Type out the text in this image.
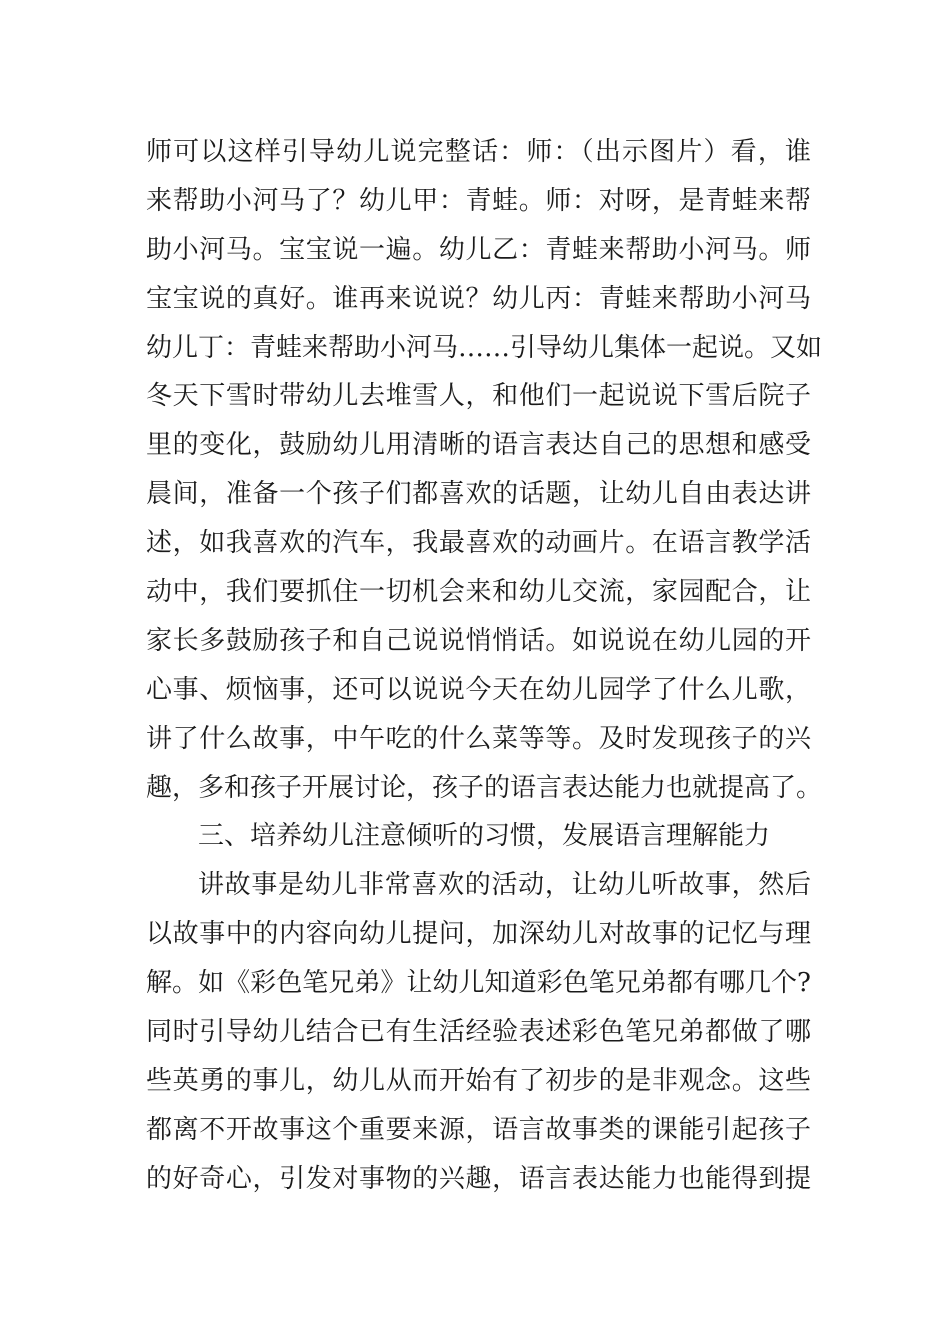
师可以这样引导幼儿说完整话：师：（出示图片）看，谁
来帮助小河马了？幼儿甲：青蛙。师：对呀，是青蛙来帮
助小河马。宝宝说一遍。幼儿乙：青蛙来帮助小河马。师
宝宝说的真好。谁再来说说？幼儿丙：青蛙来帮助小河马
幼儿丁：青蛙来帮助小河马……引导幼儿集体一起说。又如
冬天下雪时带幼儿去堆雪人，和他们一起说说下雪后院子
里的变化，鼓励幼儿用清晰的语言表达自己的思想和感受
晨间，准备一个孩子们都喜欢的话题，让幼儿自由表达讲
述，如我喜欢的汽车，我最喜欢的动画片。在语言教学活
动中，我们要抓住一切机会来和幼儿交流，家园配合，让
家长多鼓励孩子和自己说说悄悄话。如说说在幼儿园的开
心事、烦恼事，还可以说说今天在幼儿园学了什么儿歌，
讲了什么故事，中午吃的什么菜等等。及时发现孩子的兴
趣，多和孩子开展讨论，孩子的语言表达能力也就提高了。
三、培养幼儿注意倾听的习惯，发展语言理解能力
讲故事是幼儿非常喜欢的活动，让幼儿听故事，然后
以故事中的内容向幼儿提问，加深幼儿对故事的记忆与理
解。如《彩色笔兄弟》让幼儿知道彩色笔兄弟都有哪几个?
同时引导幼儿结合已有生活经验表述彩色笔兄弟都做了哪
些英勇的事儿，幼儿从而开始有了初步的是非观念。这些
都离不开故事这个重要来源，语言故事类的课能引起孩子
的好奇心，引发对事物的兴趣，语言表达能力也能得到提
